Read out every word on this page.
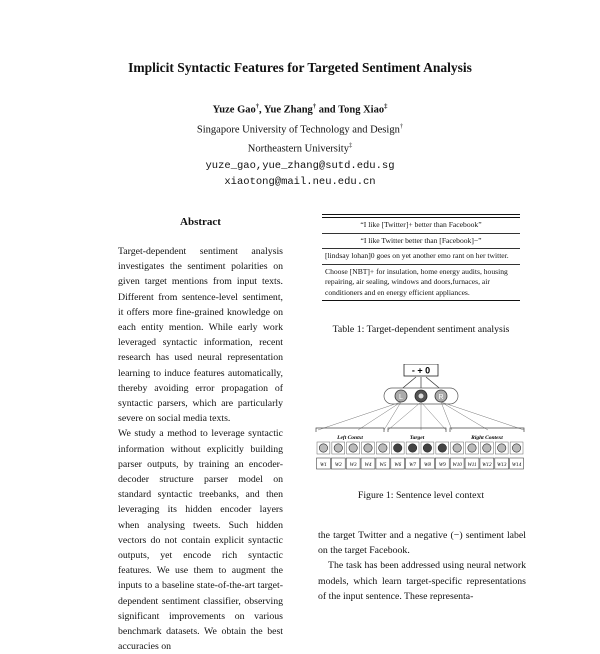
Implicit Syntactic Features for Targeted Sentiment Analysis
Yuze Gao†, Yue Zhang† and Tong Xiao‡
Singapore University of Technology and Design†
Northeastern University‡
yuze_gao,yue_zhang@sutd.edu.sg
xiaotong@mail.neu.edu.cn
Abstract

Target-dependent sentiment analysis investigates the sentiment polarities on given target mentions from input texts. Different from sentence-level sentiment, it offers more fine-grained knowledge on each entity mention. While early work leveraged syntactic information, recent research has used neural representation learning to induce features automatically, thereby avoiding error propagation of syntactic parsers, which are particularly severe on social media texts.

We study a method to leverage syntactic information without explicitly building parser outputs, by training an encoder-decoder structure parser model on standard syntactic treebanks, and then leveraging its hidden encoder layers when analysing tweets. Such hidden vectors do not contain explicit syntactic outputs, yet encode rich syntactic features. We use them to augment the inputs to a baseline state-of-the-art target-dependent sentiment classifier, observing significant improvements on various benchmark datasets. We obtain the best accuracies on

“I like [Twitter]+ better than Facebook”
“I like Twitter better than [Facebook]−”
[lindsay lohan]0 goes on yet another emo rant on her twitter.
Choose [NBT]+ for insulation, home energy audits, housing repairing, air sealing, windows and doors,furnaces, air conditioners and en energy efficient appliances.
Table 1: Target-dependent sentiment analysis
- + 0
L	R
Left Contxt	Target	Right Context
W1 W2 W3 W4 W5 W6 W7 W8 W9 W10 W11 W12 W13 W14
Figure 1: Sentence level context

the target Twitter and a negative (−) sentiment label on the target Facebook.

The task has been addressed using neural network models, which learn target-specific representations of the input sentence. These representa-
